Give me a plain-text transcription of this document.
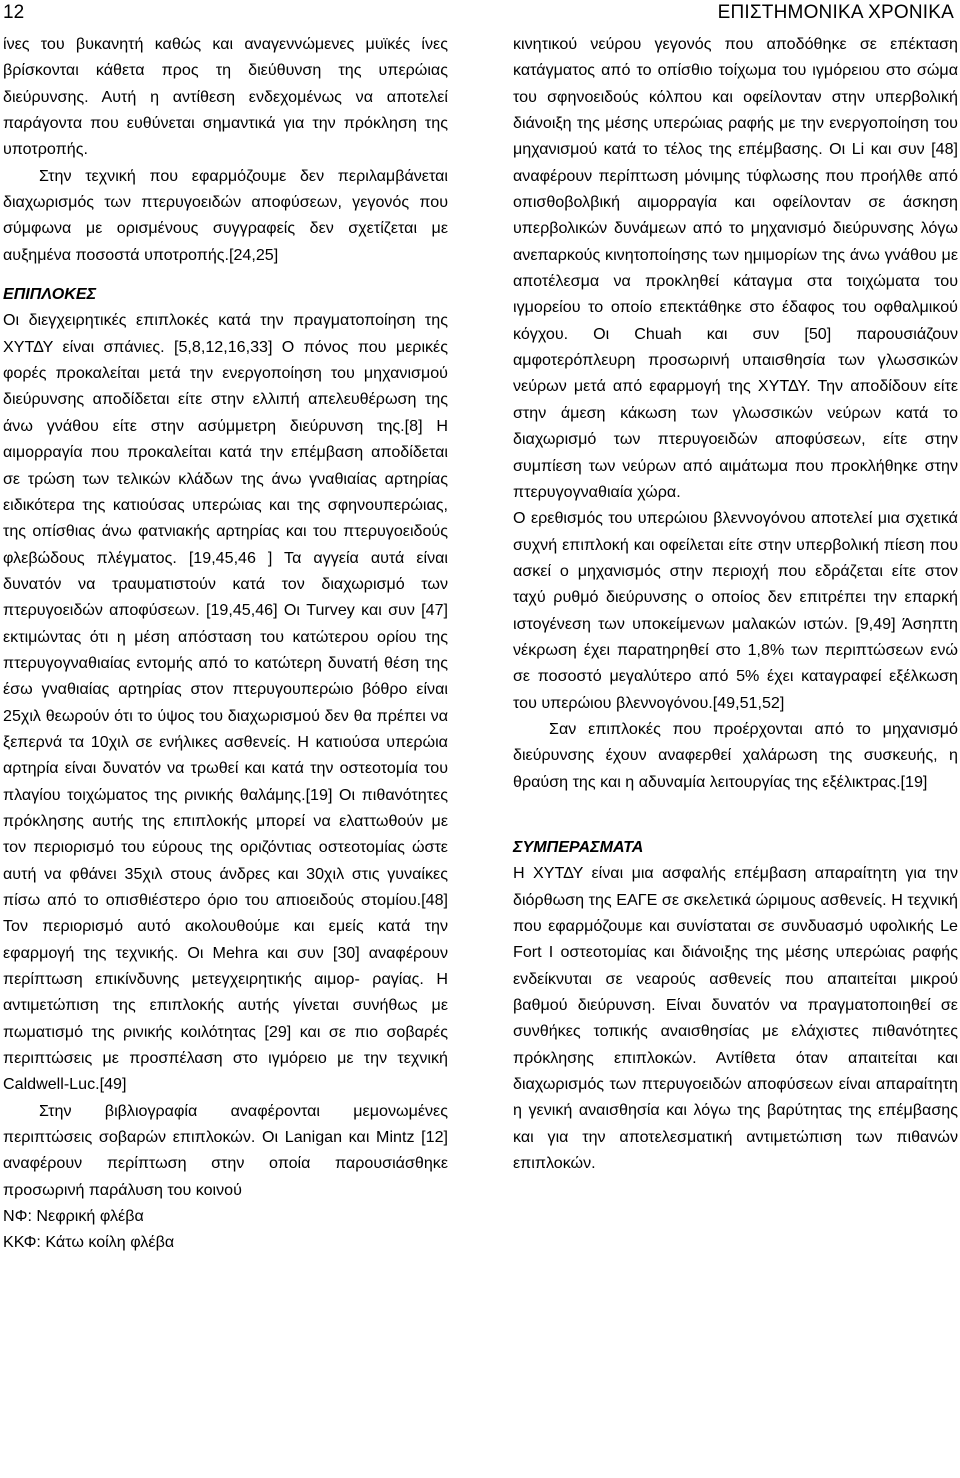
12	ΕΠΙΣΤΗΜΟΝΙΚΑ ΧΡΟΝΙΚΑ

ίνες του βυκανητή καθώς και αναγεννώμενες μυϊκές ίνες βρίσκονται κάθετα προς τη διεύθυνση της υπερώιας διεύρυνσης. Αυτή η αντίθεση ενδεχομένως να αποτελεί παράγοντα που ευθύνεται σημαντικά για την πρόκληση της υποτροπής.

Στην τεχνική που εφαρμόζουμε δεν περιλαμβάνεται διαχωρισμός των πτερυγοειδών αποφύσεων, γεγονός που σύμφωνα με ορισμένους συγγραφείς δεν σχετίζεται με αυξημένα ποσοστά υποτροπής.[24,25]

ΕΠΙΠΛΟΚΕΣ

Οι διεγχειρητικές επιπλοκές κατά την πραγματοποίηση της ΧΥΤΔΥ είναι σπάνιες. [5,8,12,16,33] Ο πόνος που μερικές φορές προκαλείται μετά την ενεργοποίηση του μηχανισμού διεύρυνσης αποδίδεται είτε στην ελλιπή απελευθέρωση της άνω γνάθου είτε στην ασύμμετρη διεύρυνση της.[8] Η αιμορραγία που προκαλείται κατά την επέμβαση αποδίδεται σε τρώση των τελικών κλάδων της άνω γναθιαίας αρτηρίας ειδικότερα της κατιούσας υπερώιας και της σφηνουπερώιας, της οπίσθιας άνω φατνιακής αρτηρίας και του πτερυγοειδούς φλεβώδους πλέγματος. [19,45,46 ] Τα αγγεία αυτά είναι δυνατόν να τραυματιστούν κατά τον διαχωρισμό των πτερυγοειδών αποφύσεων. [19,45,46] Οι Turvey και συν [47] εκτιμώντας ότι η μέση απόσταση του κατώτερου ορίου της πτερυγογναθιαίας εντομής από το κατώτερη δυνατή θέση της έσω γναθιαίας αρτηρίας στον πτερυγουπερώιο βόθρο είναι 25χιλ θεωρούν ότι το ύψος του διαχωρισμού δεν θα πρέπει να ξεπερνά τα 10χιλ σε ενήλικες ασθενείς. Η κατιούσα υπερώια αρτηρία είναι δυνατόν να τρωθεί και κατά την οστεοτομία του πλαγίου τοιχώματος της ρινικής θαλάμης.[19] Οι πιθανότητες πρόκλησης αυτής της επιπλοκής μπορεί να ελαττωθούν με τον περιορισμό του εύρους της οριζόντιας οστεοτομίας ώστε αυτή να φθάνει 35χιλ στους άνδρες και 30χιλ στις γυναίκες πίσω από το οπισθιέστερο όριο του απιοειδούς στομίου.[48] Τον περιορισμό αυτό ακολουθούμε και εμείς κατά την εφαρμογή της τεχνικής. Οι Mehra και συν [30] αναφέρουν περίπτωση επικίνδυνης μετεγχειρητικής αιμορ- ραγίας. Η αντιμετώπιση της επιπλοκής αυτής γίνεται συνήθως με πωματισμό της ρινικής κοιλότητας [29] και σε πιο σοβαρές περιπτώσεις με προσπέλαση στο ιγμόρειο με την τεχνική Caldwell-Luc.[49]

Στην βιβλιογραφία αναφέρονται μεμονωμένες περιπτώσεις σοβαρών επιπλοκών. Οι Lanigan και Mintz [12] αναφέρουν περίπτωση στην οποία παρουσιάσθηκε προσωρινή παράλυση του κοινού

ΝΦ: Νεφρική φλέβα

ΚΚΦ: Κάτω κοίλη φλέβα

κινητικού νεύρου γεγονός που αποδόθηκε σε επέκταση κατάγματος από το οπίσθιο τοίχωμα του ιγμόρειου στο σώμα του σφηνοειδούς κόλπου και οφείλονταν στην υπερβολική διάνοιξη της μέσης υπερώιας ραφής με την ενεργοποίηση του μηχανισμού κατά το τέλος της επέμβασης. Οι Li και συν [48] αναφέρουν περίπτωση μόνιμης τύφλωσης που προήλθε από οπισθοβολβική αιμορραγία και οφείλονταν σε άσκηση υπερβολικών δυνάμεων από το μηχανισμό διεύρυνσης λόγω ανεπαρκούς κινητοποίησης των ημιμορίων της άνω γνάθου με αποτέλεσμα να προκληθεί κάταγμα στα τοιχώματα του ιγμορείου το οποίο επεκτάθηκε στο έδαφος του οφθαλμικού κόγχου. Οι Chuah και συν [50] παρουσιάζουν αμφοτερόπλευρη προσωρινή υπαισθησία των γλωσσικών νεύρων μετά από εφαρμογή της ΧΥΤΔΥ. Την αποδίδουν είτε στην άμεση κάκωση των γλωσσικών νεύρων κατά το διαχωρισμό των πτερυγοειδών αποφύσεων, είτε στην συμπίεση των νεύρων από αιμάτωμα που προκλήθηκε στην πτερυγογναθιαία χώρα.

Ο ερεθισμός του υπερώιου βλεννογόνου αποτελεί μια σχετικά συχνή επιπλοκή και οφείλεται είτε στην υπερβολική πίεση που ασκεί ο μηχανισμός στην περιοχή που εδράζεται είτε στον ταχύ ρυθμό διεύρυνσης ο οποίος δεν επιτρέπει την επαρκή ιστογένεση των υποκείμενων μαλακών ιστών. [9,49] Άσηπτη νέκρωση έχει παρατηρηθεί στο 1,8% των περιπτώσεων ενώ σε ποσοστό μεγαλύτερο από 5% έχει καταγραφεί εξέλκωση του υπερώιου βλεννογόνου.[49,51,52]

Σαν επιπλοκές που προέρχονται από το μηχανισμό διεύρυνσης έχουν αναφερθεί χαλάρωση της συσκευής, η θραύση της και η αδυναμία λειτουργίας της εξέλικτρας.[19]

ΣΥΜΠΕΡΑΣΜΑΤΑ

Η ΧΥΤΔΥ είναι μια ασφαλής επέμβαση απαραίτητη για την διόρθωση της ΕΑΓΕ σε σκελετικά ώριμους ασθενείς. Η τεχνική που εφαρμόζουμε και συνίσταται σε συνδυασμό υφολικής Le Fort I οστεοτομίας και διάνοιξης της μέσης υπερώιας ραφής ενδείκνυται σε νεαρούς ασθενείς που απαιτείται μικρού βαθμού διεύρυνση. Είναι δυνατόν να πραγματοποιηθεί σε συνθήκες τοπικής αναισθησίας με ελάχιστες πιθανότητες πρόκλησης επιπλοκών. Αντίθετα όταν απαιτείται και διαχωρισμός των πτερυγοειδών αποφύσεων είναι απαραίτητη η γενική αναισθησία και λόγω της βαρύτητας της επέμβασης και για την αποτελεσματική αντιμετώπιση των πιθανών επιπλοκών.
